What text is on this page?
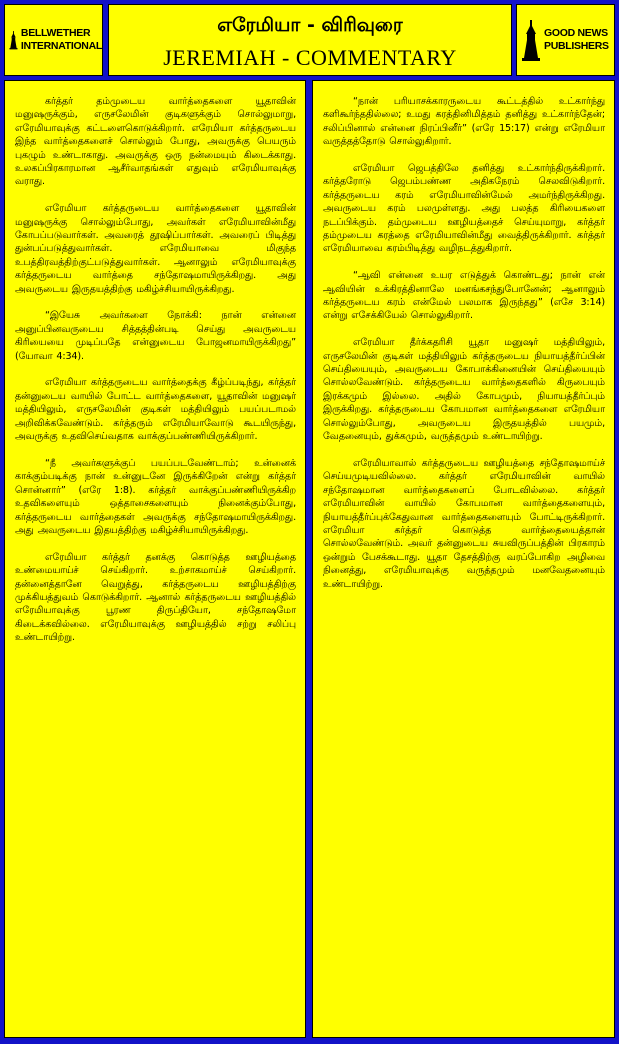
BELLWETHER
INTERNATIONAL
எரேமியா - விரிவுரை
JEREMIAH - COMMENTARY
GOOD NEWS
PUBLISHERS

கர்த்தர் தம்முடைய வார்த்தைகளை யூதாவின் மனுஷருக்கும், எருசலேமின் குடிகளுக்கும் சொல்லுமாறு, எரேமியாவுக்கு கட்டளைகொடுக்கிறார். எரேமியா கர்த்தருடைய இந்த வார்த்தைகளைச் சொல்லும் போது, அவருக்கு பெயரும் புகழும் உண்டாகாது. அவருக்கு ஒரு நன்மையும் கிடைக்காது. உலகப்பிரகாரமான ஆசீர்வாதங்கள் எதுவும் எரேமியாவுக்கு வராது.

எரேமியா கர்த்தருடைய வார்த்தைகளை யூதாவின் மனுஷருக்கு சொல்லும்போது, அவர்கள் எரேமியாவின்மீது கோபப்படுவார்கள். அவரைத் தூஷிப்பார்கள். அவரைப் பிடித்து துன்பப்படுத்துவார்கள். எரேமியாவை மிகுந்த உபத்திரவத்திற்குட்படுத்துவார்கள். ஆனாலும் எரேமியாவுக்கு கர்த்தருடைய வார்த்தை சந்தோஷமாயிருக்கிறது. அது அவருடைய இருதயத்திற்கு மகிழ்ச்சியாயிருக்கிறது.

“இயேசு அவர்களை நோக்கி: நான் என்னை அனுப்பினவருடைய சித்தத்தின்படி செய்து அவருடைய கிரியையை முடிப்பதே என்னுடைய போஜனமாயிருக்கிறது” (யோவா 4:34).

எரேமியா கர்த்தருடைய வார்த்தைக்கு கீழ்ப்படிந்து, கர்த்தர் தன்னுடைய வாயில் போட்ட வார்த்தைகளை, யூதாவின் மனுஷர் மத்தியிலும், எருசலேமின் குடிகள் மத்தியிலும் பயப்படாமல் அறிவிக்கவேண்டும். கர்த்தரும் எரேமியாவோடு கூடயிருந்து, அவருக்கு உதவிசெய்வதாக வாக்குப்பண்ணியிருக்கிறார்.

“நீ அவர்களுக்குப் பயப்படவேண்டாம்; உன்னைக் காக்கும்படிக்கு நான் உன்னுடனே இருக்கிறேன் என்று கர்த்தர் சொன்னார்” (எரே 1:8). கர்த்தர் வாக்குப்பண்ணியிருக்கிற உதவிகளையும் ஒத்தாசைகளையும் நினைக்கும்போது, கர்த்தருடைய வார்த்தைகள் அவருக்கு சந்தோஷமாயிருக்கிறது. அது அவருடைய இதயத்திற்கு மகிழ்ச்சியாயிருக்கிறது.

எரேமியா கர்த்தர் தனக்கு கொடுத்த ஊழியத்தை உண்மையாய்ச் செய்கிறார். உற்சாகமாய்ச் செய்கிறார். தன்னைத்தானே வெறுத்து, கர்த்தருடைய ஊழியத்திற்கு முக்கியத்துவம் கொடுக்கிறார். ஆனால் கர்த்தருடைய ஊழியத்தில் எரேமியாவுக்கு பூரண திருப்தியோ, சந்தோஷமோ கிடைக்கவில்லை. எரேமியாவுக்கு ஊழியத்தில் சற்று சலிப்பு உண்டாயிற்று.

“நான் பரியாசக்காரருடைய கூட்டத்தில் உட்கார்ந்து களிகூர்ந்ததில்லை; உமது கரத்தினிமித்தம் தனித்து உட்கார்ந்தேன்; சலிப்பினால் என்னை நிரப்பினீர்” (எரே 15:17) என்று எரேமியா வருத்தத்தோடு சொல்லுகிறார்.

எரேமியா ஜெபத்திலே தனித்து உட்கார்ந்திருக்கிறார். கர்த்தரோடு ஜெபம்பண்ண அதிகநேரம் செலவிடுகிறார். கர்த்தருடைய கரம் எரேமியாவின்மேல் அமர்ந்திருக்கிறது. அவருடைய கரம் பலமுள்ளது. அது பலத்த கிரியைகளை நடப்பிக்கும். தம்முடைய ஊழியத்தைச் செய்யுமாறு, கர்த்தர் தம்முடைய கரத்தை எரேமியாவின்மீது வைத்திருக்கிறார். கர்த்தர் எரேமியாவை கரம்பிடித்து வழிநடத்துகிறார்.

“ஆவி என்னை உயர எடுத்துக் கொண்டது; நான் என் ஆவியின் உக்கிரத்தினாலே மனங்கசந்துபோனேன்; ஆனாலும் கர்த்தருடைய கரம் என்மேல் பலமாக இருந்தது” (எசே 3:14) என்று எசேக்கியேல் சொல்லுகிறார்.

எரேமியா தீர்க்கதரிசி யூதா மனுஷர் மத்தியிலும், எருசலேமின் குடிகள் மத்தியிலும் கர்த்தருடைய நியாயத்தீர்ப்பின் செய்தியையும், அவருடைய கோபாக்கினையின் செய்தியையும் சொல்லவேண்டும். கர்த்தருடைய வார்த்தைகளில் கிருபையும் இரக்கமும் இல்லை. அதில் கோபமும், நியாயத்தீர்ப்பும் இருக்கிறது. கர்த்தருடைய கோபமான வார்த்தைகளை எரேமியா சொல்லும்போது, அவருடைய இருதயத்தில் பயமும், வேதனையும், துக்கமும், வருத்தமும் உண்டாயிற்று.

எரேமியாவால் கர்த்தருடைய ஊழியத்தை சந்தோஷமாய்ச் செய்யமுடியவில்லை. கர்த்தர் எரேமியாவின் வாயில் சந்தோஷமான வார்த்தைகளைப் போடவில்லை. கர்த்தர் எரேமியாவின் வாயில் கோபமான வார்த்தைகளையும், நியாயத்தீர்ப்புக்கேதுவான வார்த்தைகளையும் போட்டிருக்கிறார். எரேமியா கர்த்தர் கொடுத்த வார்த்தையைத்தான் சொல்லவேண்டும். அவர் தன்னுடைய சுயவிருப்பத்தின் பிரகாரம் ஒன்றும் பேசக்கூடாது. யூதா தேசத்திற்கு வரப்போகிற அழிவை நினைத்து, எரேமியாவுக்கு வருத்தமும் மனவேதனையும் உண்டாயிற்று.
